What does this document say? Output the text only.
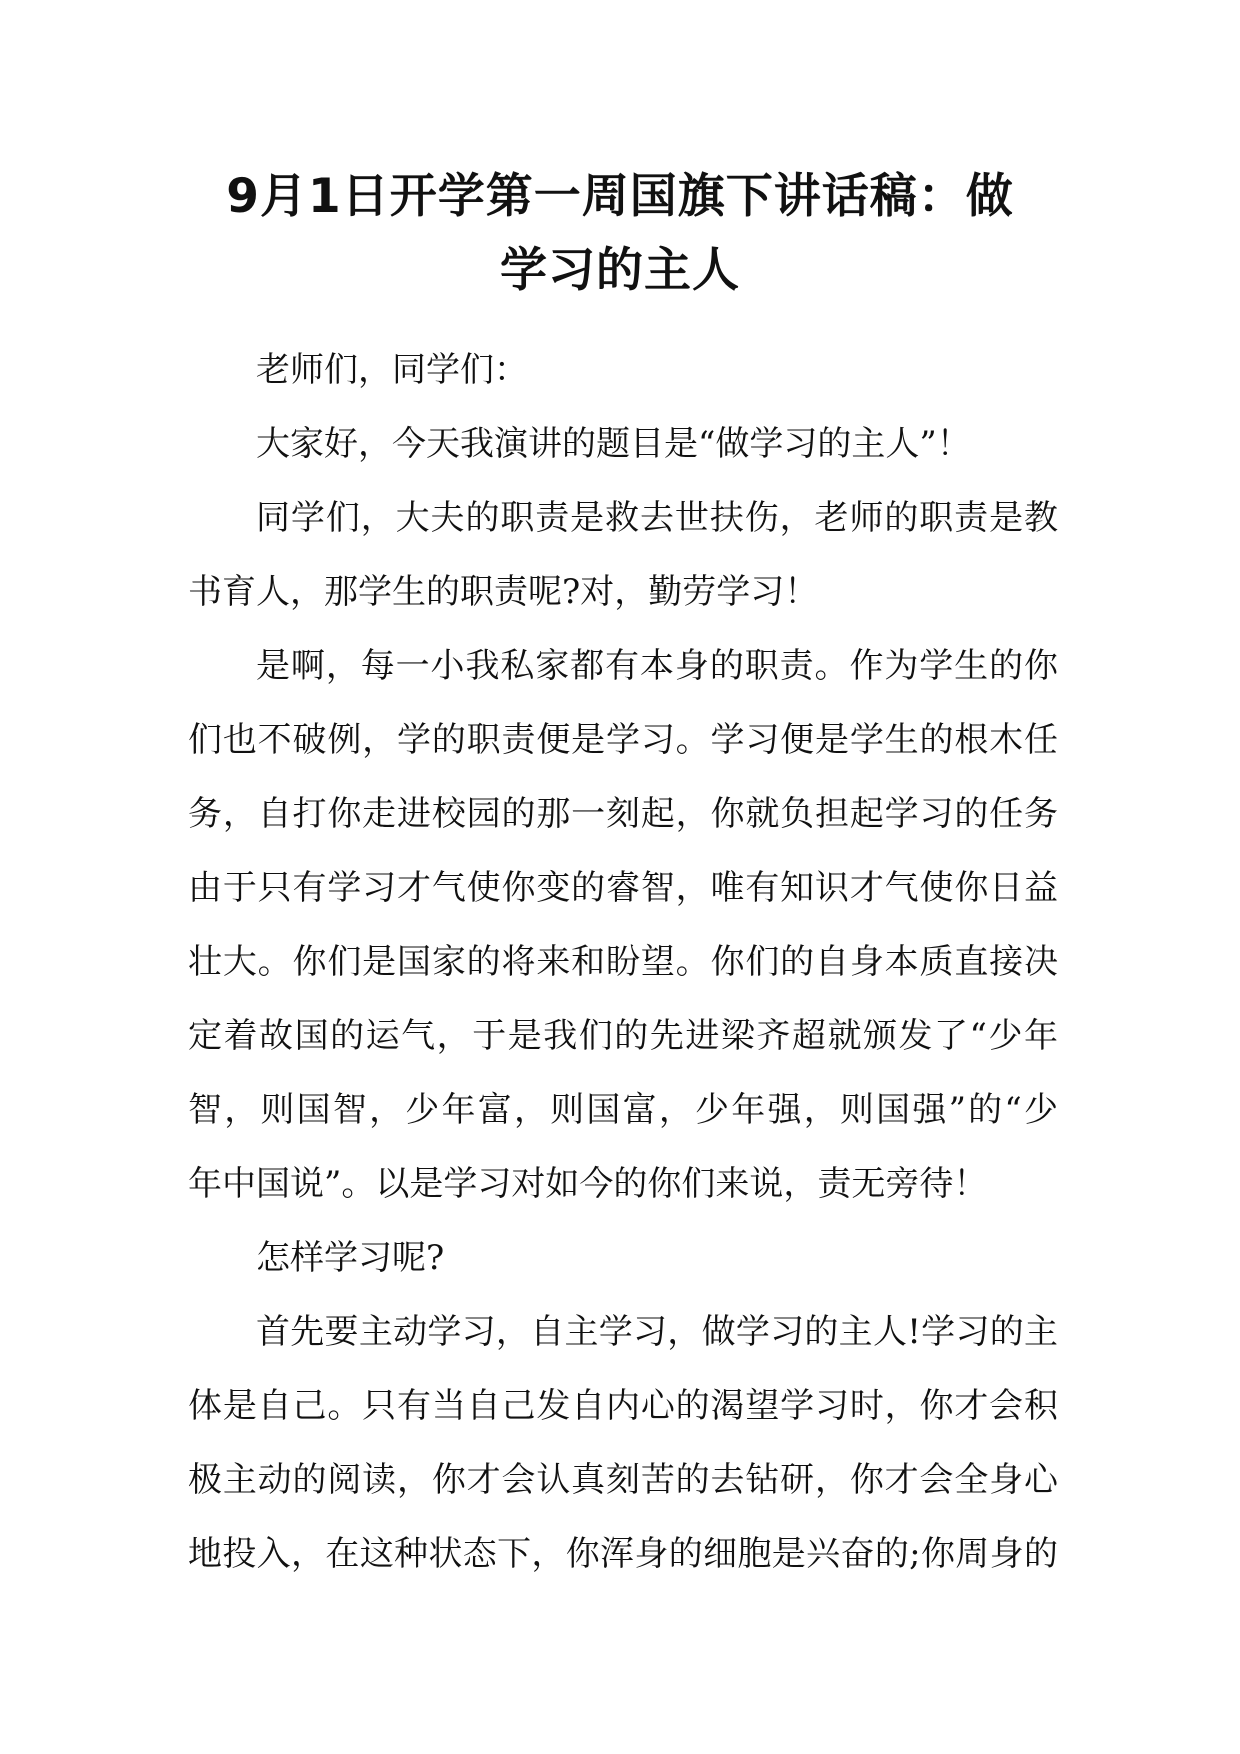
9月1日开学第一周国旗下讲话稿：做
学习的主人
老师们，同学们：
大家好，今天我演讲的题目是“做学习的主人”！
同学们，大夫的职责是救去世扶伤，老师的职责是教
书育人，那学生的职责呢?对，勤劳学习！
是啊，每一小我私家都有本身的职责。作为学生的你
们也不破例，学的职责便是学习。学习便是学生的根木任
务，自打你走进校园的那一刻起，你就负担起学习的任务
由于只有学习才气使你变的睿智，唯有知识才气使你日益
壮大。你们是国家的将来和盼望。你们的自身本质直接决
定着故国的运气，于是我们的先进梁齐超就颁发了“少年
智，则国智，少年富，则国富，少年强，则国强”的“少
年中国说”。以是学习对如今的你们来说，责无旁待！
怎样学习呢?
首先要主动学习，自主学习，做学习的主人!学习的主
体是自己。只有当自己发自内心的渴望学习时，你才会积
极主动的阅读，你才会认真刻苦的去钻研，你才会全身心
地投入，在这种状态下，你浑身的细胞是兴奋的;你周身的
